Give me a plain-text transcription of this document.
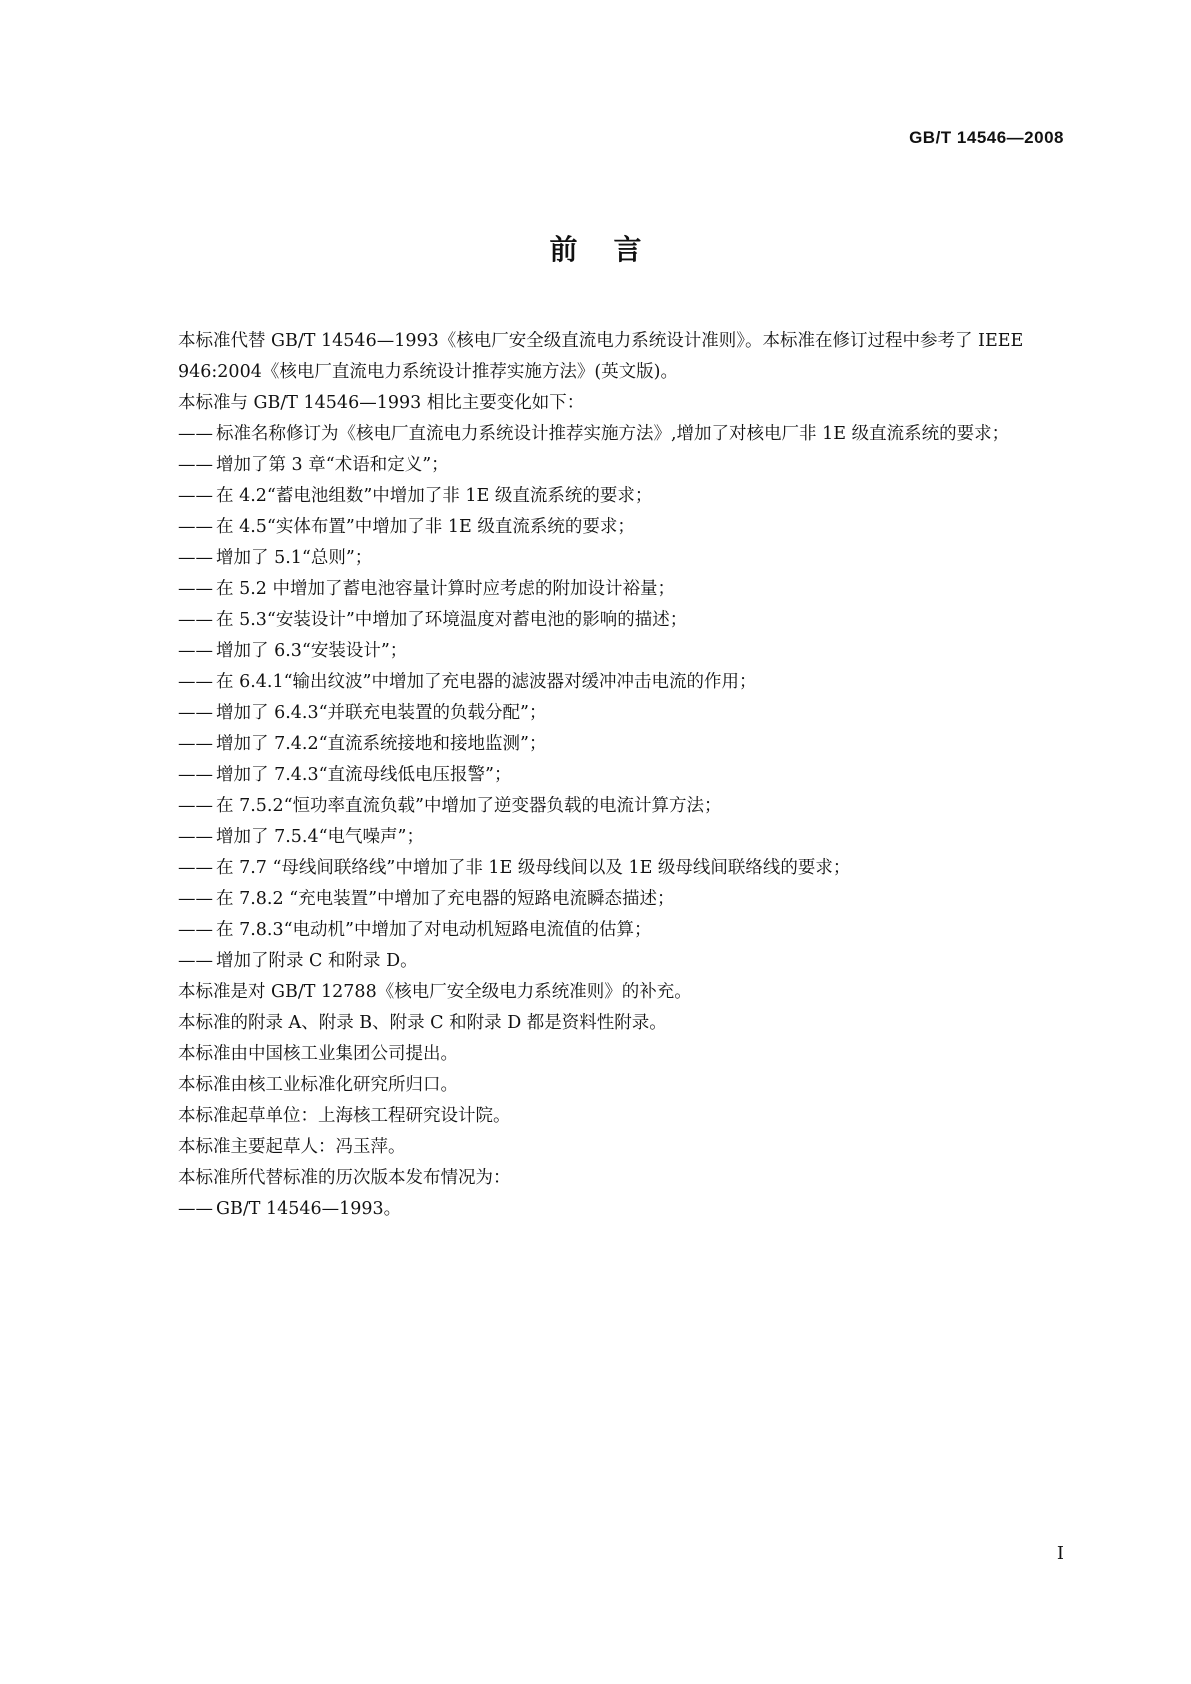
GB/T 14546—2008
前言

本标准代替 GB/T 14546—1993《核电厂安全级直流电力系统设计准则》。本标准在修订过程中参考了 IEEE 946:2004《核电厂直流电力系统设计推荐实施方法》(英文版)。

本标准与 GB/T 14546—1993 相比主要变化如下：

—— 标准名称修订为《核电厂直流电力系统设计推荐实施方法》,增加了对核电厂非 1E 级直流系统的要求；

—— 增加了第 3 章“术语和定义”；

—— 在 4.2“蓄电池组数”中增加了非 1E 级直流系统的要求；

—— 在 4.5“实体布置”中增加了非 1E 级直流系统的要求；

—— 增加了 5.1“总则”；

—— 在 5.2 中增加了蓄电池容量计算时应考虑的附加设计裕量；

—— 在 5.3“安装设计”中增加了环境温度对蓄电池的影响的描述；

—— 增加了 6.3“安装设计”；

—— 在 6.4.1“输出纹波”中增加了充电器的滤波器对缓冲冲击电流的作用；

—— 增加了 6.4.3“并联充电装置的负载分配”；

—— 增加了 7.4.2“直流系统接地和接地监测”；

—— 增加了 7.4.3“直流母线低电压报警”；

—— 在 7.5.2“恒功率直流负载”中增加了逆变器负载的电流计算方法；

—— 增加了 7.5.4“电气噪声”；

—— 在 7.7 “母线间联络线”中增加了非 1E 级母线间以及 1E 级母线间联络线的要求；

—— 在 7.8.2 “充电装置”中增加了充电器的短路电流瞬态描述；

—— 在 7.8.3“电动机”中增加了对电动机短路电流值的估算；

—— 增加了附录 C 和附录 D。

本标准是对 GB/T 12788《核电厂安全级电力系统准则》的补充。

本标准的附录 A、附录 B、附录 C 和附录 D 都是资料性附录。

本标准由中国核工业集团公司提出。

本标准由核工业标准化研究所归口。

本标准起草单位：上海核工程研究设计院。

本标准主要起草人：冯玉萍。

本标准所代替标准的历次版本发布情况为：

—— GB/T 14546—1993。

I
